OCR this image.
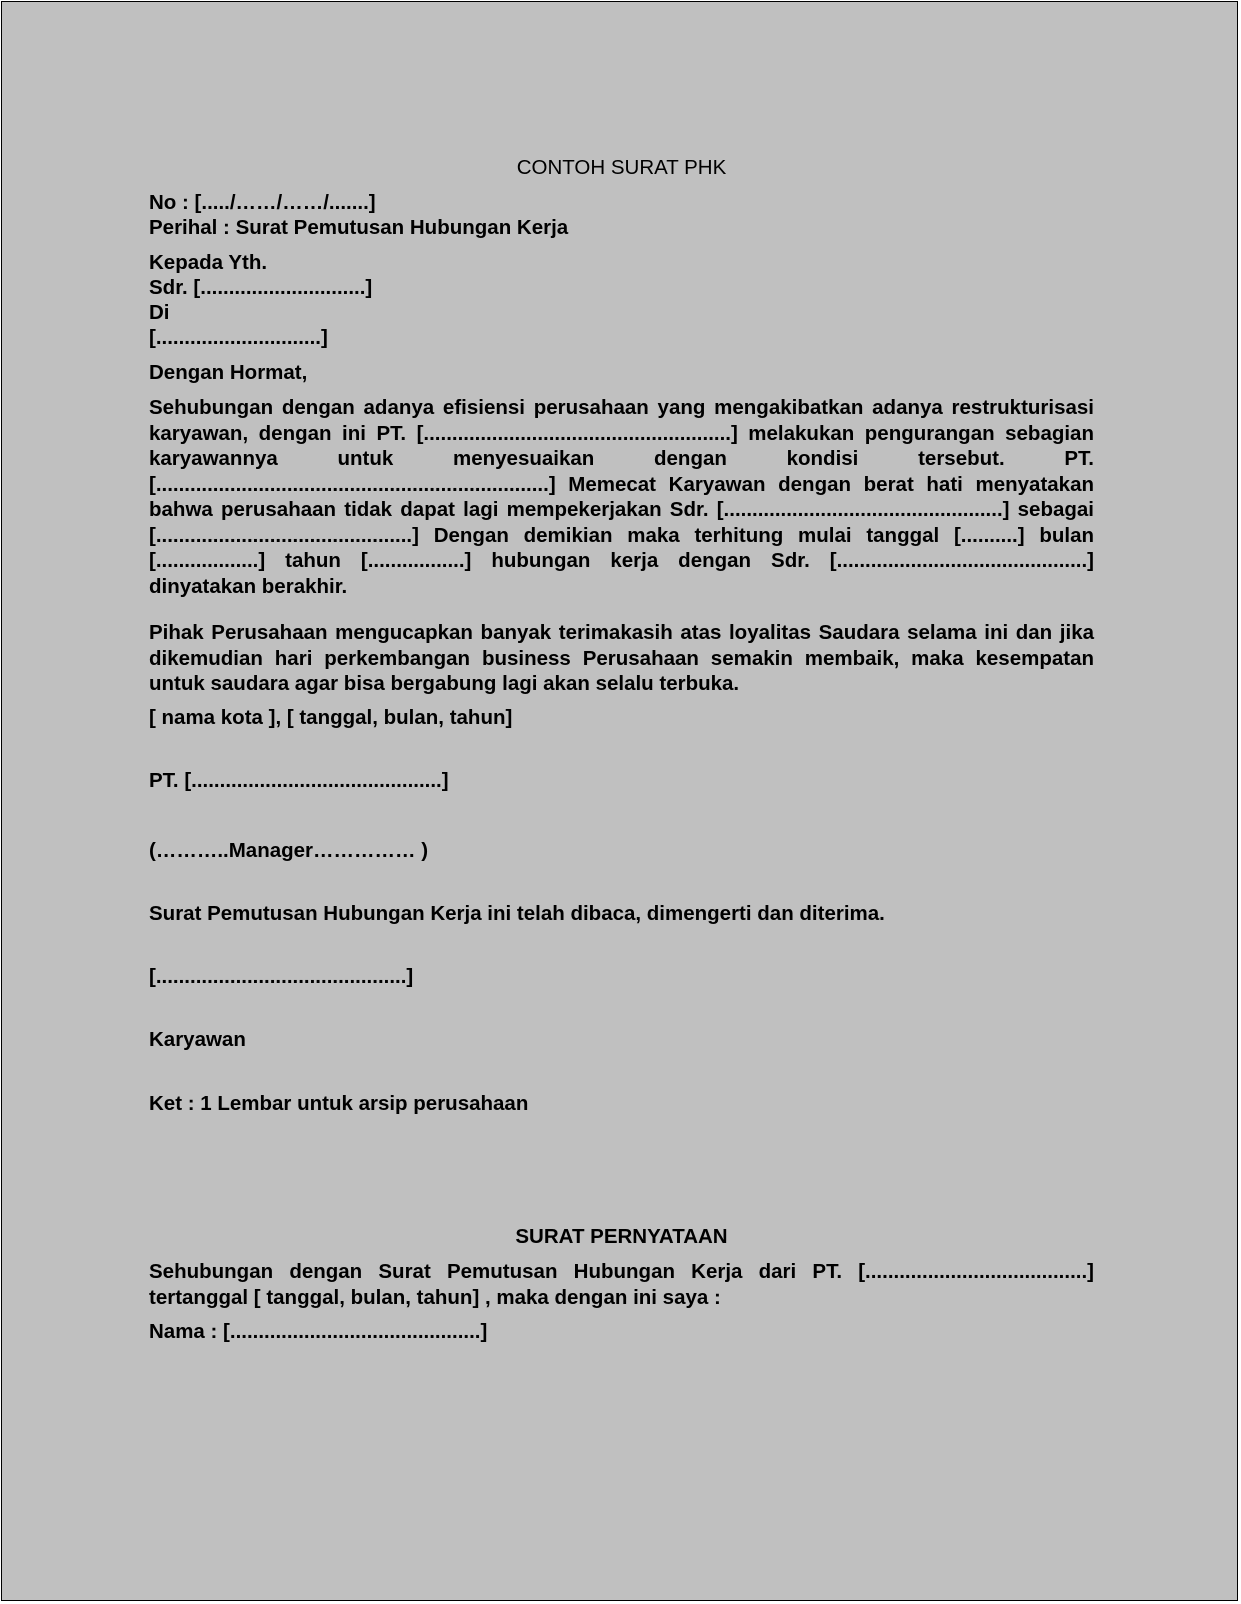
CONTOH SURAT PHK
No : [...../……/……/.......]
Perihal : Surat Pemutusan Hubungan Kerja
Kepada Yth.
Sdr. [.............................]
Di
[.............................]
Dengan Hormat,
Sehubungan dengan adanya efisiensi perusahaan yang mengakibatkan adanya restrukturisasi karyawan, dengan ini PT. [......................................................] melakukan pengurangan sebagian karyawannya untuk menyesuaikan dengan kondisi tersebut. PT. [.....................................................................] Memecat Karyawan dengan berat hati menyatakan bahwa perusahaan tidak dapat lagi mempekerjakan Sdr. [.................................................] sebagai [.............................................] Dengan demikian maka terhitung mulai tanggal [..........] bulan [..................] tahun [.................] hubungan kerja dengan Sdr. [............................................] dinyatakan berakhir.
Pihak Perusahaan mengucapkan banyak terimakasih atas loyalitas Saudara selama ini dan jika dikemudian hari perkembangan business Perusahaan semakin membaik, maka kesempatan untuk saudara agar bisa bergabung lagi akan selalu terbuka.
[ nama kota ], [ tanggal, bulan, tahun]
PT. [............................................]
(………..Manager…………… )
Surat Pemutusan Hubungan Kerja ini telah dibaca, dimengerti dan diterima.
[............................................]
Karyawan
Ket : 1 Lembar untuk arsip perusahaan
SURAT PERNYATAAN
Sehubungan dengan Surat Pemutusan Hubungan Kerja dari PT. [.......................................] tertanggal [ tanggal, bulan, tahun] , maka dengan ini saya :
Nama : [............................................]
